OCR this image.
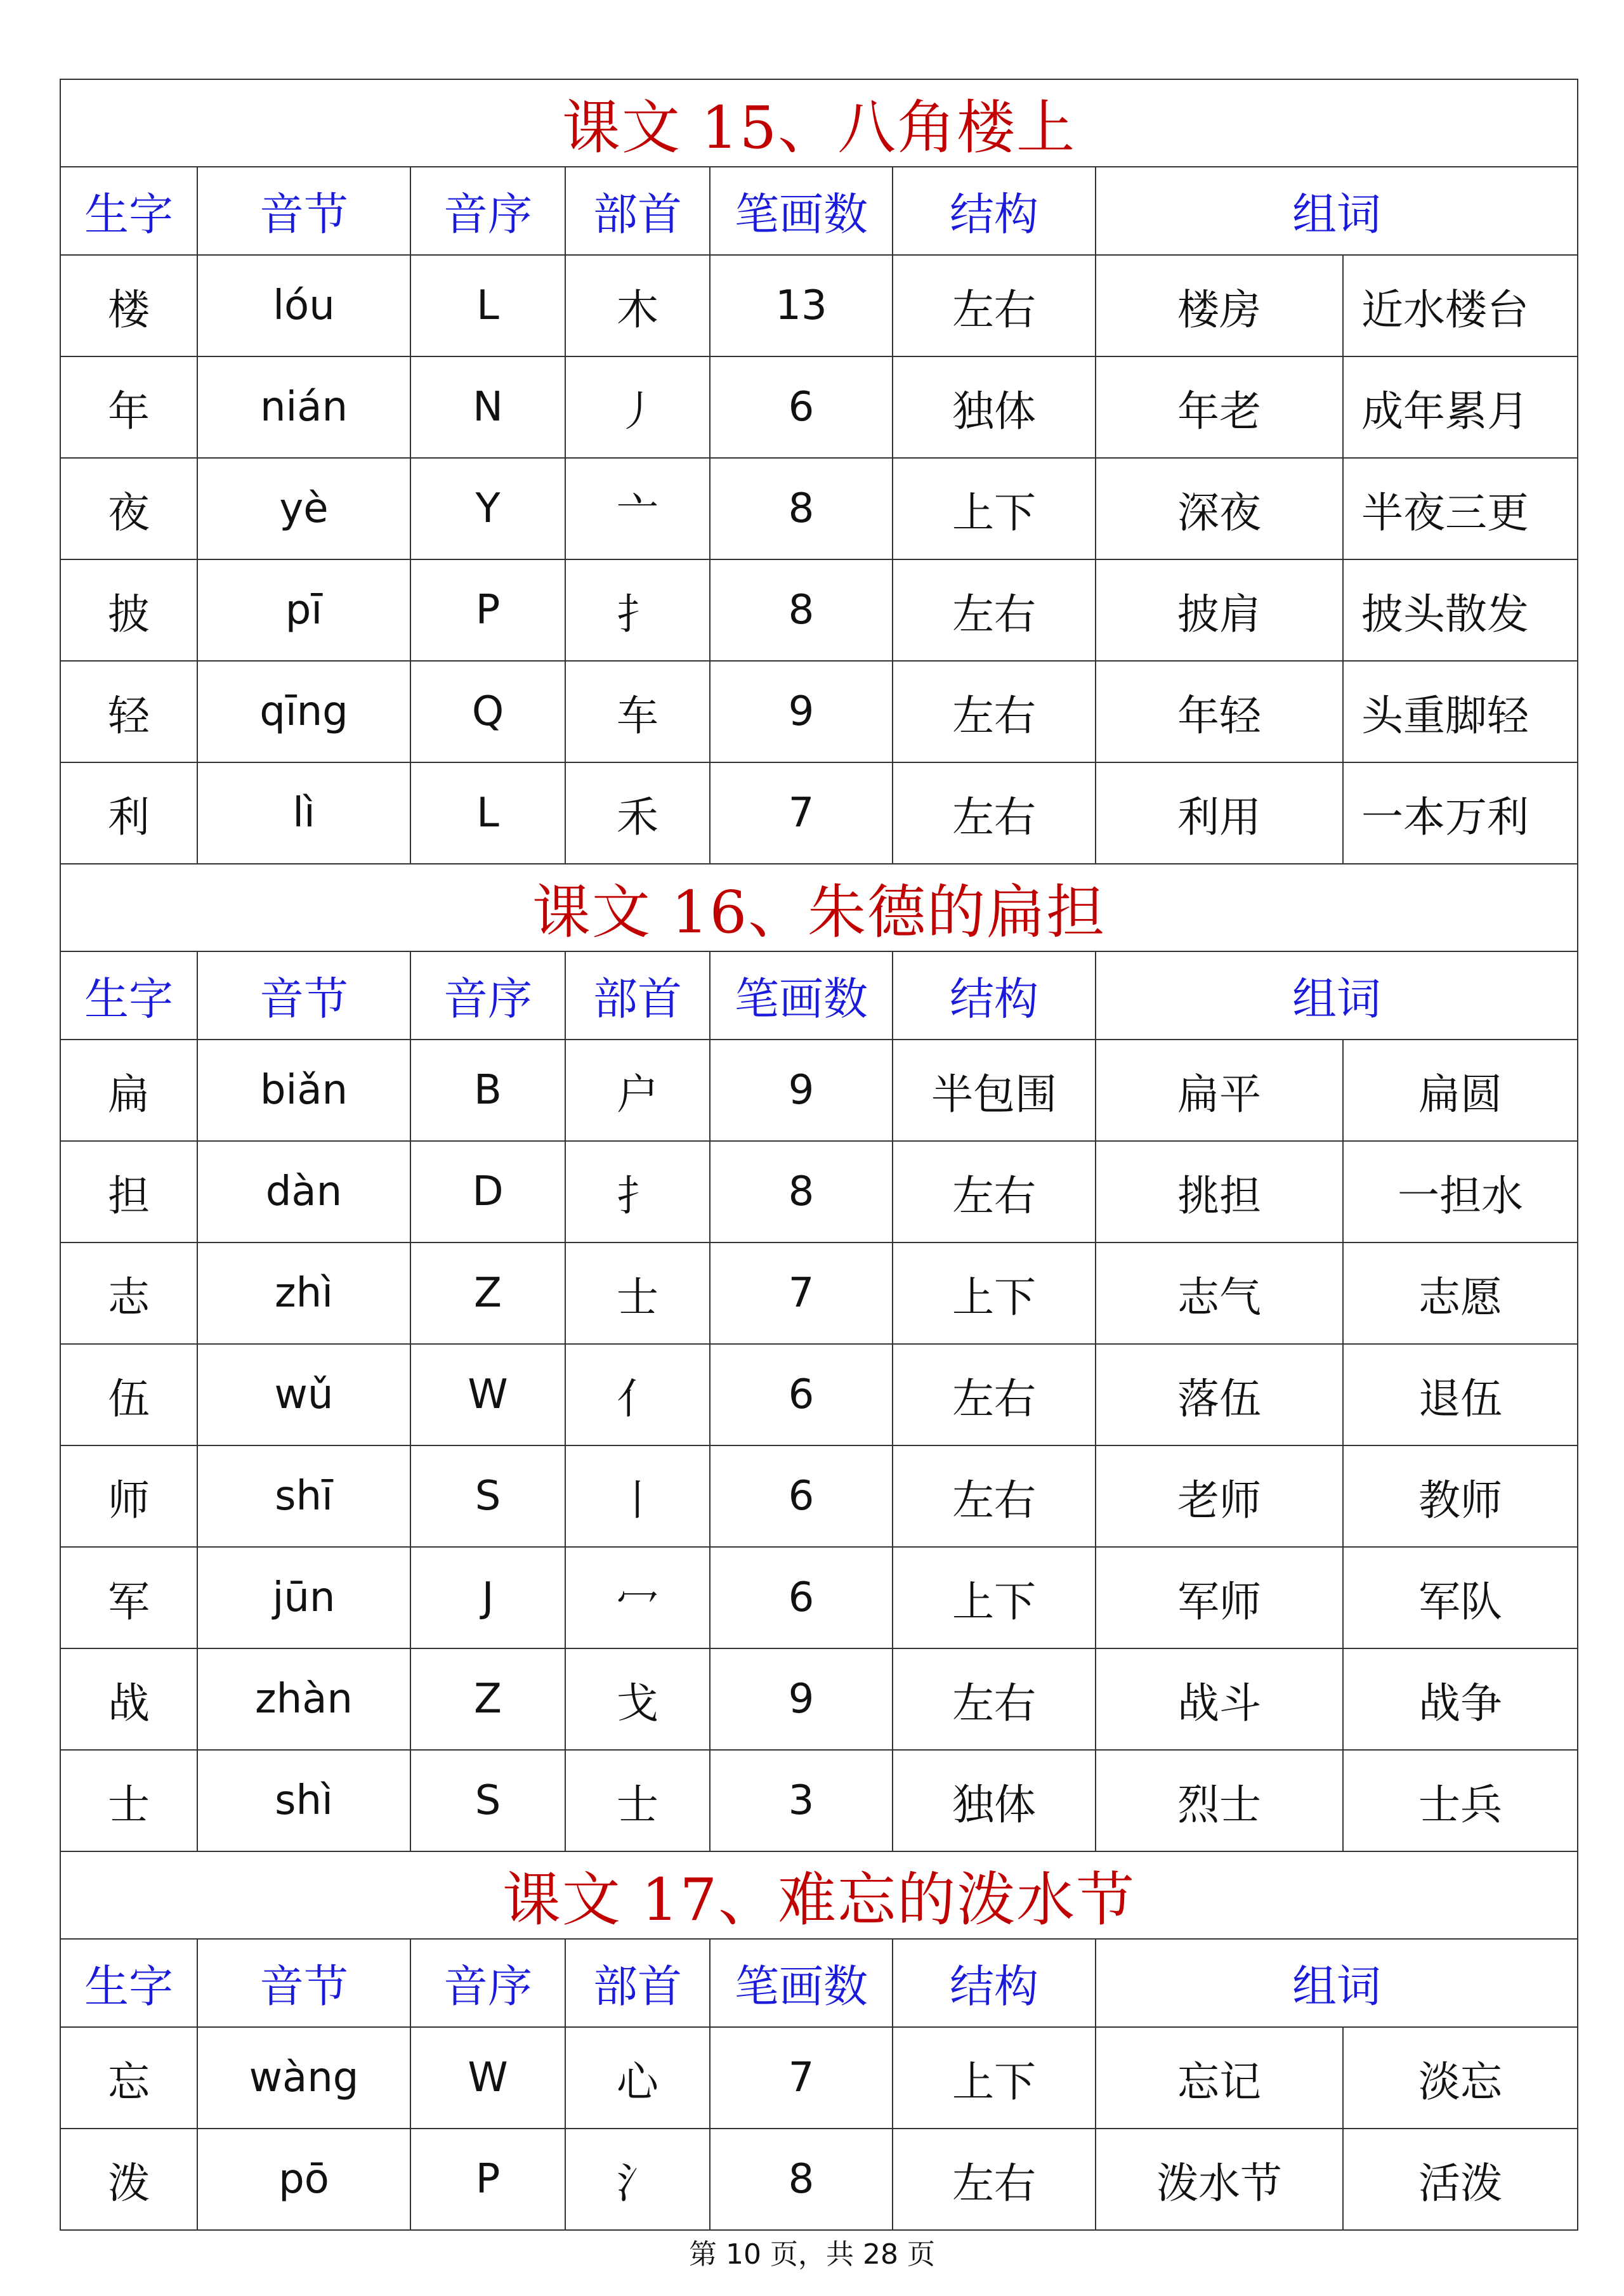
课文 15、八角楼上							
生字	音节	音序	部首	笔画数	结构	组词	
楼	lóu	L	木	13	左右	楼房	近水楼台
年	nián	N	丿	6	独体	年老	成年累月
夜	yè	Y	亠	8	上下	深夜	半夜三更
披	pī	P	扌	8	左右	披肩	披头散发
轻	qīng	Q	车	9	左右	年轻	头重脚轻
利	lì	L	禾	7	左右	利用	一本万利
课文 16、朱德的扁担							
生字	音节	音序	部首	笔画数	结构	组词	
扁	biǎn	B	户	9	半包围	扁平	扁圆
担	dàn	D	扌	8	左右	挑担	一担水
志	zhì	Z	士	7	上下	志气	志愿
伍	wǔ	W	亻	6	左右	落伍	退伍
师	shī	S	丨	6	左右	老师	教师
军	jūn	J	冖	6	上下	军师	军队
战	zhàn	Z	戈	9	左右	战斗	战争
士	shì	S	士	3	独体	烈士	士兵
课文 17、难忘的泼水节							
生字	音节	音序	部首	笔画数	结构	组词	
忘	wàng	W	心	7	上下	忘记	淡忘
泼	pō	P	氵	8	左右	泼水节	活泼
第 10 页，共 28 页
